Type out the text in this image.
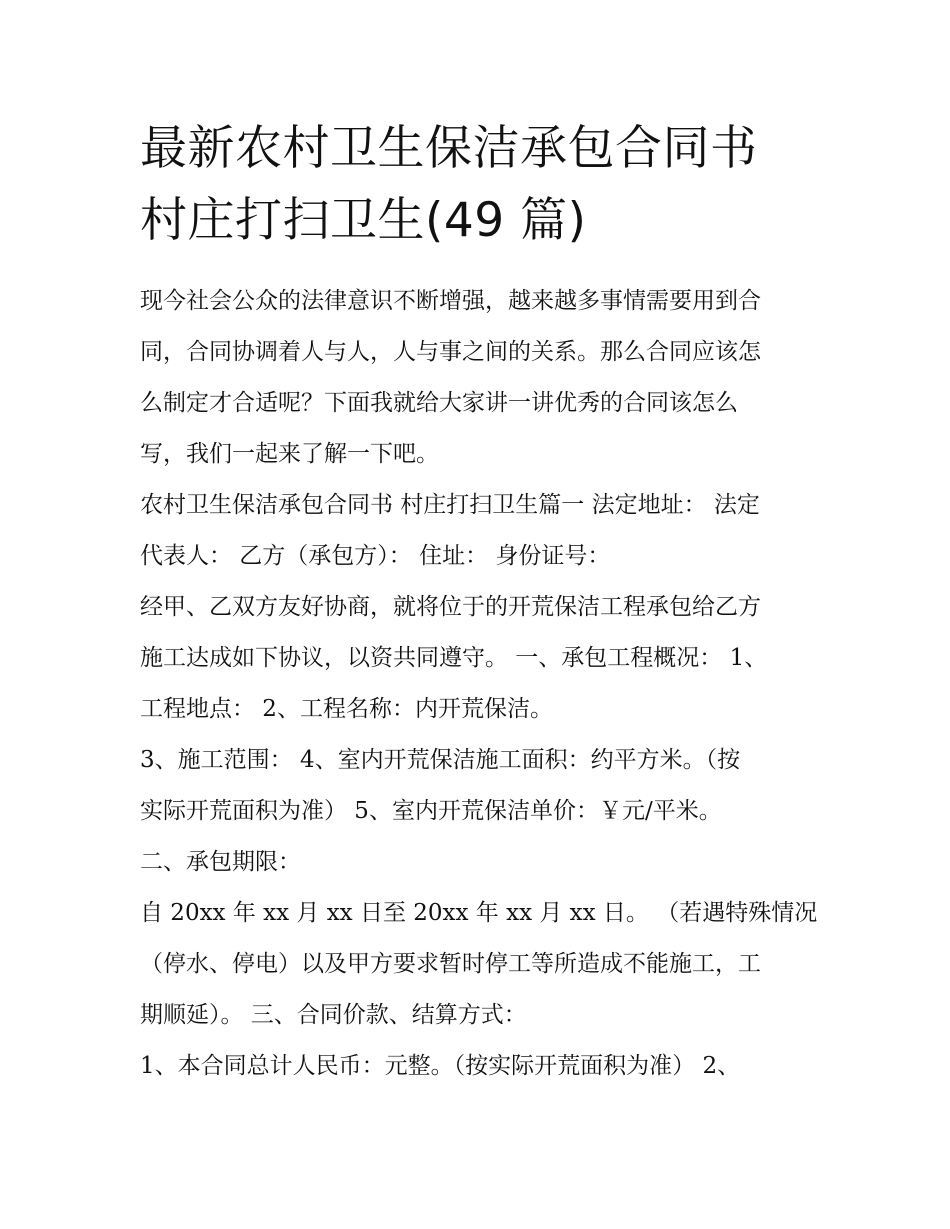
最新农村卫生保洁承包合同书
村庄打扫卫生(49 篇)
现今社会公众的法律意识不断增强，越来越多事情需要用到合
同，合同协调着人与人，人与事之间的关系。那么合同应该怎
么制定才合适呢？下面我就给大家讲一讲优秀的合同该怎么
写，我们一起来了解一下吧。
农村卫生保洁承包合同书 村庄打扫卫生篇一 法定地址： 法定
代表人： 乙方（承包方）： 住址： 身份证号：
经甲、乙双方友好协商，就将位于的开荒保洁工程承包给乙方
施工达成如下协议，以资共同遵守。 一、承包工程概况： 1、
工程地点： 2、工程名称：内开荒保洁。
3、施工范围： 4、室内开荒保洁施工面积：约平方米。（按
实际开荒面积为准） 5、室内开荒保洁单价：￥元/平米。
二、承包期限：
自 20xx 年 xx 月 xx 日至 20xx 年 xx 月 xx 日。 （若遇特殊情况
（停水、停电）以及甲方要求暂时停工等所造成不能施工，工
期顺延）。 三、合同价款、结算方式：
1、本合同总计人民币：元整。（按实际开荒面积为准） 2、
